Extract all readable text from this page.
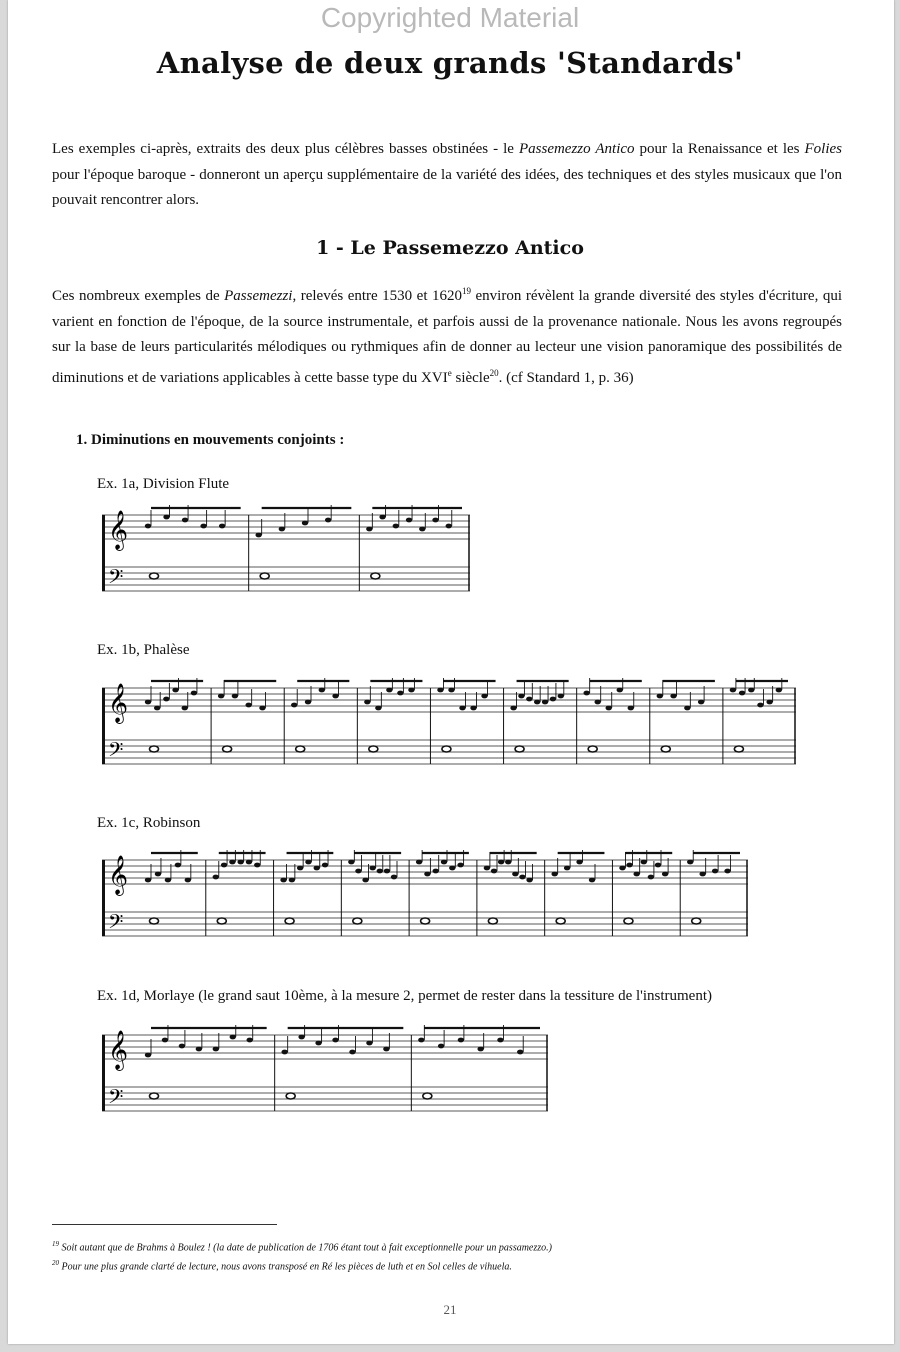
Copyrighted Material
Analyse de deux grands 'Standards'
Les exemples ci-après, extraits des deux plus célèbres basses obstinées - le Passemezzo Antico pour la Renaissance et les Folies pour l'époque baroque - donneront un aperçu supplémentaire de la variété des idées, des techniques et des styles musicaux que l'on pouvait rencontrer alors.
1 - Le Passemezzo Antico
Ces nombreux exemples de Passemezzi, relevés entre 1530 et 1620$^{19}$ environ révèlent la grande diversité des styles d'écriture, qui varient en fonction de l'époque, de la source instrumentale, et parfois aussi de la provenance nationale. Nous les avons regroupés sur la base de leurs particularités mélodiques ou rythmiques afin de donner au lecteur une vision panoramique des possibilités de diminutions et de variations applicables à cette basse type du XVIe siècle$^{20}$. (cf Standard 1, p. 36)
1. Diminutions en mouvements conjoints :
Ex. 1a, Division Flute
𝄞
𝄢
Ex. 1b, Phalèse
𝄞
𝄢
Ex. 1c, Robinson
𝄞
𝄢
Ex. 1d, Morlaye (le grand saut 10ème, à la mesure 2, permet de rester dans la tessiture de l'instrument)
𝄞
𝄢
$^{19}$ Soit autant que de Brahms à Boulez ! (la date de publication de 1706 étant tout à fait exceptionnelle pour un passamezzo.)
$^{20}$ Pour une plus grande clarté de lecture, nous avons transposé en Ré les pièces de luth et en Sol celles de vihuela.
21
